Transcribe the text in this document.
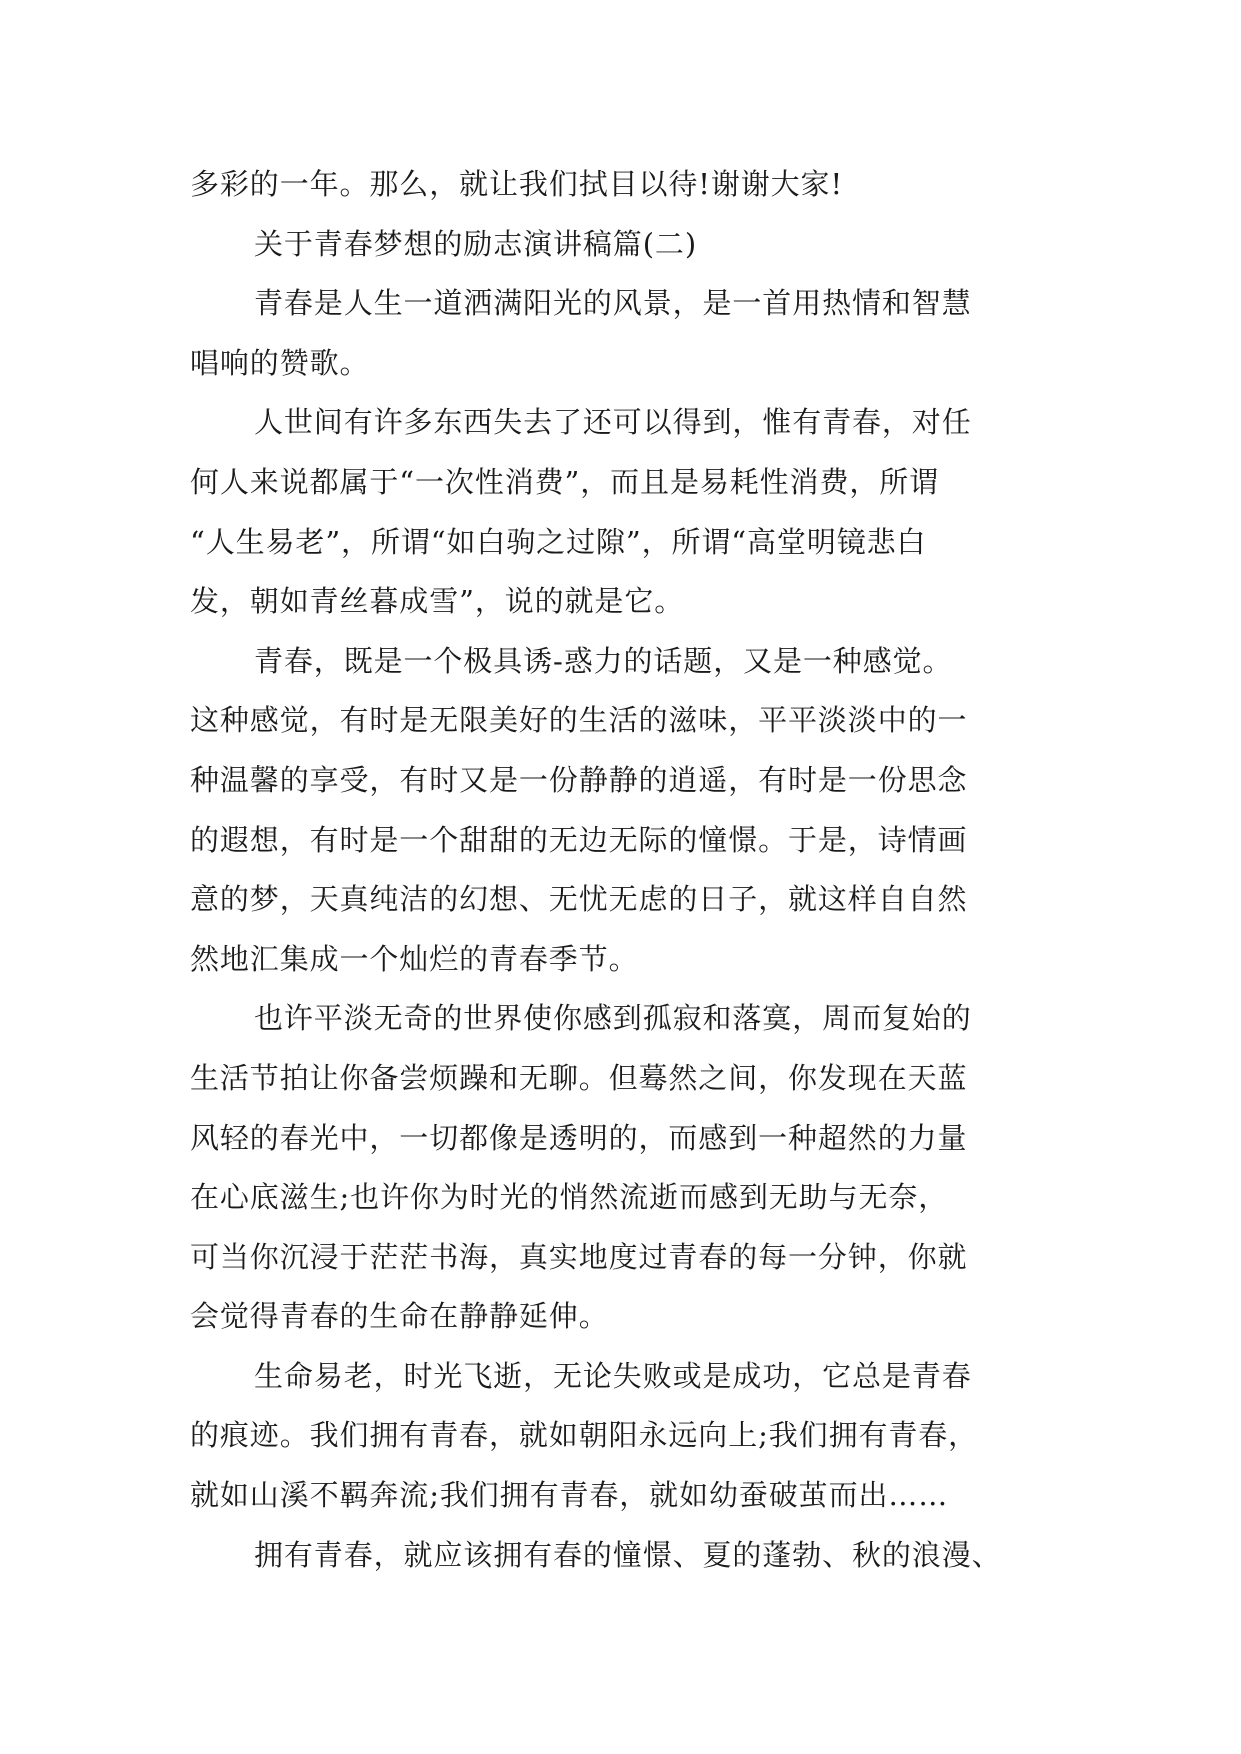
多彩的一年。那么，就让我们拭目以待!谢谢大家!
关于青春梦想的励志演讲稿篇(二)
青春是人生一道洒满阳光的风景，是一首用热情和智慧
唱响的赞歌。
人世间有许多东西失去了还可以得到，惟有青春，对任
何人来说都属于“一次性消费”，而且是易耗性消费，所谓
“人生易老”，所谓“如白驹之过隙”，所谓“高堂明镜悲白
发，朝如青丝暮成雪”，说的就是它。
青春，既是一个极具诱-惑力的话题，又是一种感觉。
这种感觉，有时是无限美好的生活的滋味，平平淡淡中的一
种温馨的享受，有时又是一份静静的逍遥，有时是一份思念
的遐想，有时是一个甜甜的无边无际的憧憬。于是，诗情画
意的梦，天真纯洁的幻想、无忧无虑的日子，就这样自自然
然地汇集成一个灿烂的青春季节。
也许平淡无奇的世界使你感到孤寂和落寞，周而复始的
生活节拍让你备尝烦躁和无聊。但蓦然之间，你发现在天蓝
风轻的春光中，一切都像是透明的，而感到一种超然的力量
在心底滋生;也许你为时光的悄然流逝而感到无助与无奈，
可当你沉浸于茫茫书海，真实地度过青春的每一分钟，你就
会觉得青春的生命在静静延伸。
生命易老，时光飞逝，无论失败或是成功，它总是青春
的痕迹。我们拥有青春，就如朝阳永远向上;我们拥有青春，
就如山溪不羁奔流;我们拥有青春，就如幼蚕破茧而出……
拥有青春，就应该拥有春的憧憬、夏的蓬勃、秋的浪漫、
